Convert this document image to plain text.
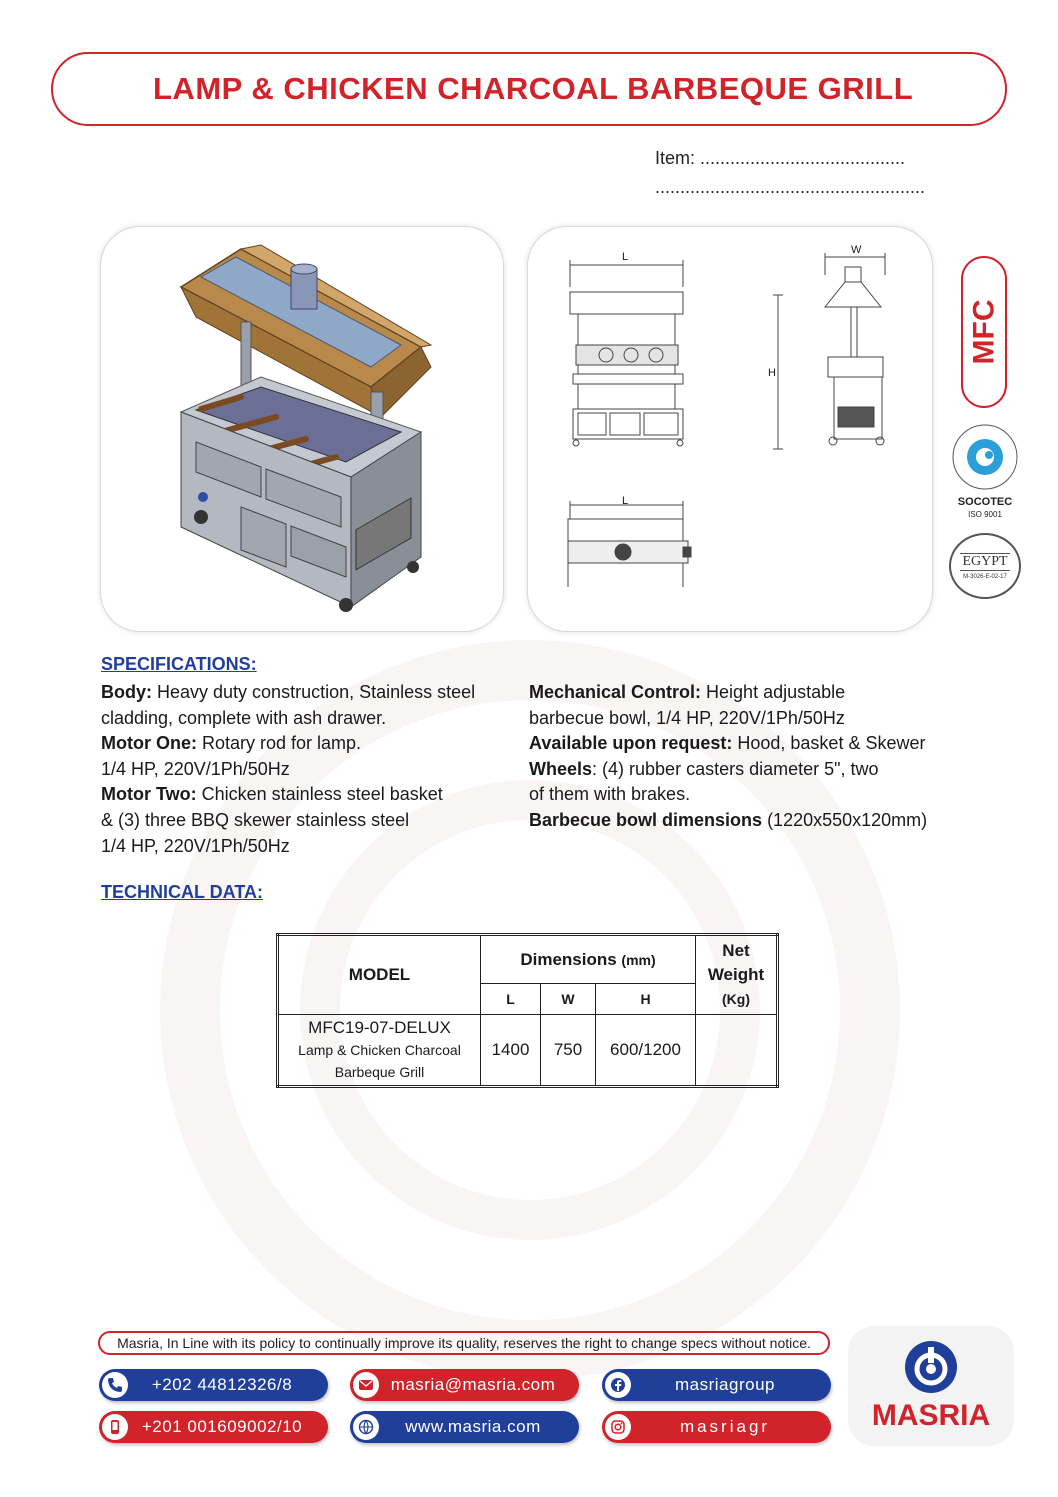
LAMP & CHICKEN CHARCOAL BARBEQUE GRILL
Item: .........................................
......................................................
L
W
H
L
MFC
SOCOTEC
ISO 9001
EGYPT
M-3026-E-02-17
SPECIFICATIONS:
Body: Heavy duty construction, Stainless steel
cladding, complete with ash drawer.
Motor One: Rotary rod for lamp.
1/4 HP, 220V/1Ph/50Hz
Motor Two: Chicken stainless steel basket
& (3) three BBQ skewer stainless steel
1/4 HP, 220V/1Ph/50Hz
Mechanical Control: Height adjustable
barbecue bowl, 1/4 HP, 220V/1Ph/50Hz
Available upon request: Hood, basket & Skewer
Wheels: (4) rubber casters diameter 5", two
of them with brakes.
Barbecue bowl dimensions (1220x550x120mm)
TECHNICAL DATA:
MODEL	Dimensions (mm)			Net Weight
(Kg)

	L	W	H	

MFC19-07-DELUX
Lamp & Chicken Charcoal
Barbeque Grill	1400	750	600/1200	
Masria, In Line with its policy to continually improve its quality, reserves the right to change specs without notice.
+202 44812326/8
+201 001609002/10
masria@masria.com
www.masria.com
masriagroup
masriagr	MASRIA
